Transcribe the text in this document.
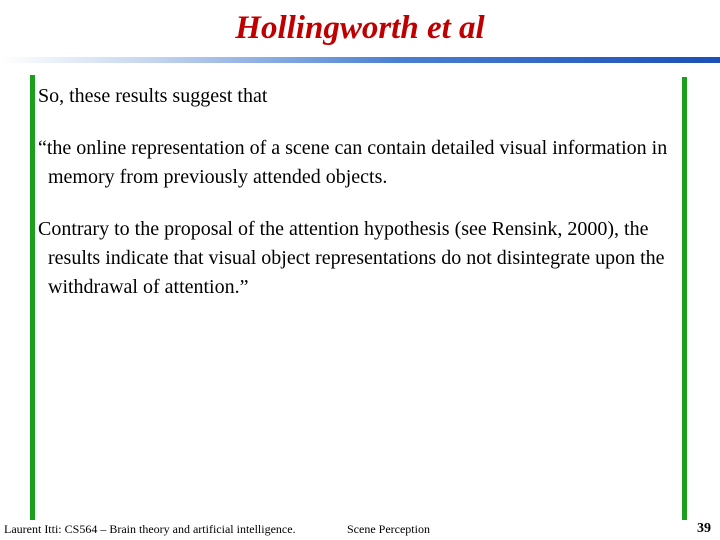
Hollingworth et al

So, these results suggest that

“the online representation of a scene can contain detailed visual information in memory from previously attended objects.

Contrary to the proposal of the attention hypothesis (see Rensink, 2000), the results indicate that visual object representations do not disintegrate upon the withdrawal of attention.”

Laurent Itti: CS564 – Brain theory and artificial intelligence.	Scene Perception	39
